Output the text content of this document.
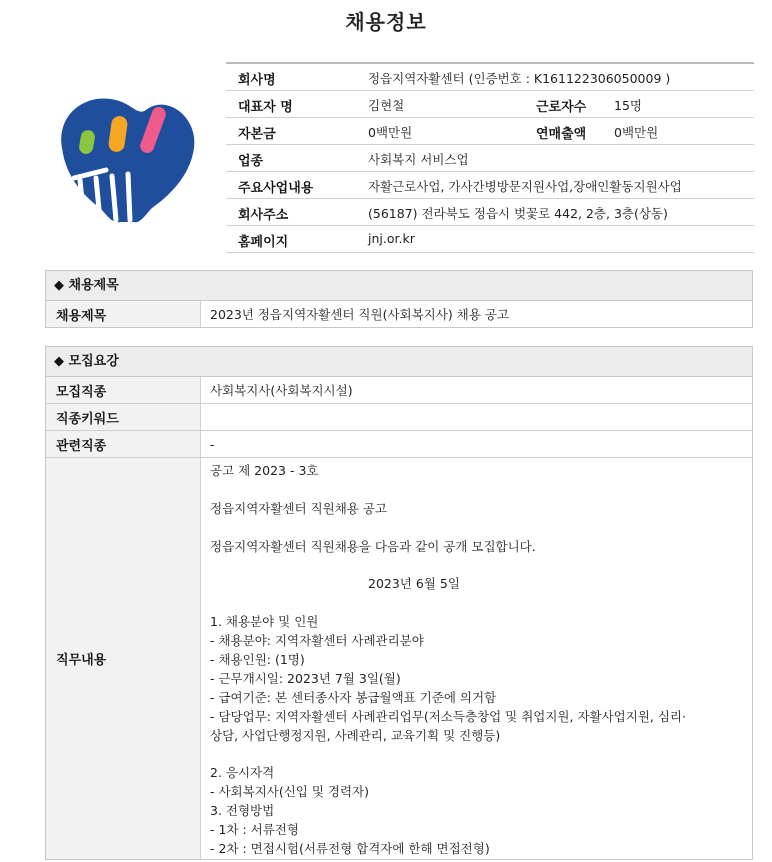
채용정보
회사명	정읍지역자활센터 (인증번호 : K161122306050009 )
대표자 명	김현철	근로자수 15명
자본금	0백만원	연매출액 0백만원
업종	사회복지 서비스업
주요사업내용	자활근로사업, 가사간병방문지원사업,장애인활동지원사업
회사주소	(56187) 전라북도 정읍시 벚꽃로 442, 2층, 3층(상동)
홈페이지	jnj.or.kr
◆ 채용제목
채용제목	2023년 정읍지역자활센터 직원(사회복지사) 채용 공고
◆ 모집요강
모집직종	사회복지사(사회복지시설)
직종키워드
관련직종	-
직무내용
공고 제 2023 - 3호
정읍지역자활센터 직원채용 공고
정읍지역자활센터 직원채용을 다음과 같이 공개 모집합니다.
2023년 6월 5일
1. 채용분야 및 인원
- 채용분야: 지역자활센터 사례관리분야
- 채용인원: (1명)
- 근무개시일: 2023년 7월 3일(월)
- 급여기준: 본 센터종사자 봉급월액표 기준에 의거함
- 담당업무: 지역자활센터 사례관리업무(저소득층창업 및 취업지원, 자활사업지원, 심리·
상담, 사업단행정지원, 사례관리, 교육기획 및 진행등)
2. 응시자격
- 사회복지사(신입 및 경력자)
3. 전형방법
- 1차 : 서류전형
- 2차 : 면접시험(서류전형 합격자에 한해 면접전형)
